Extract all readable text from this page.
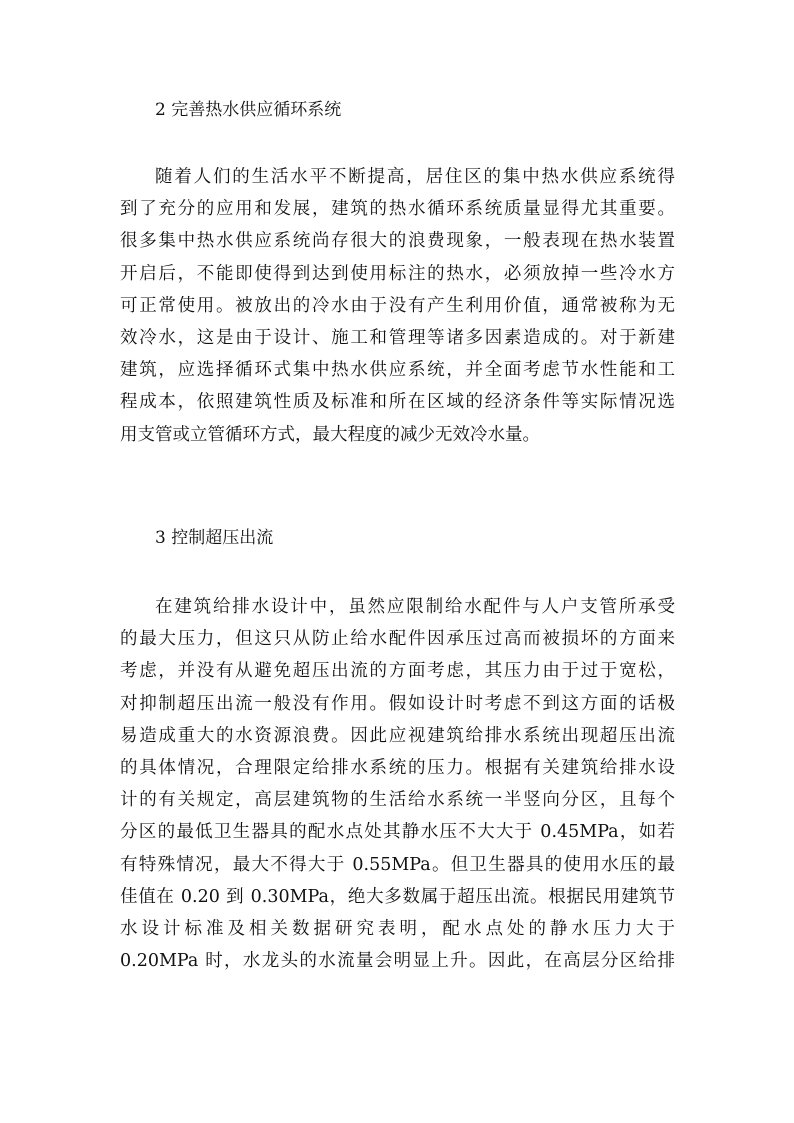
2 完善热水供应循环系统
随着人们的生活水平不断提高，居住区的集中热水供应系统得
到了充分的应用和发展，建筑的热水循环系统质量显得尤其重要。
很多集中热水供应系统尚存很大的浪费现象，一般表现在热水装置
开启后，不能即使得到达到使用标注的热水，必须放掉一些冷水方
可正常使用。被放出的冷水由于没有产生利用价值，通常被称为无
效冷水，这是由于设计、施工和管理等诸多因素造成的。对于新建
建筑，应选择循环式集中热水供应系统，并全面考虑节水性能和工
程成本，依照建筑性质及标准和所在区域的经济条件等实际情况选
用支管或立管循环方式，最大程度的减少无效冷水量。
3 控制超压出流
在建筑给排水设计中，虽然应限制给水配件与人户支管所承受
的最大压力，但这只从防止给水配件因承压过高而被损坏的方面来
考虑，并没有从避免超压出流的方面考虑，其压力由于过于宽松，
对抑制超压出流一般没有作用。假如设计时考虑不到这方面的话极
易造成重大的水资源浪费。因此应视建筑给排水系统出现超压出流
的具体情况，合理限定给排水系统的压力。根据有关建筑给排水设
计的有关规定，高层建筑物的生活给水系统一半竖向分区，且每个
分区的最低卫生器具的配水点处其静水压不大大于 0.45MPa，如若
有特殊情况，最大不得大于 0.55MPa。但卫生器具的使用水压的最
佳值在 0.20 到 0.30MPa，绝大多数属于超压出流。根据民用建筑节
水设计标准及相关数据研究表明，配水点处的静水压力大于
0.20MPa 时，水龙头的水流量会明显上升。因此，在高层分区给排
